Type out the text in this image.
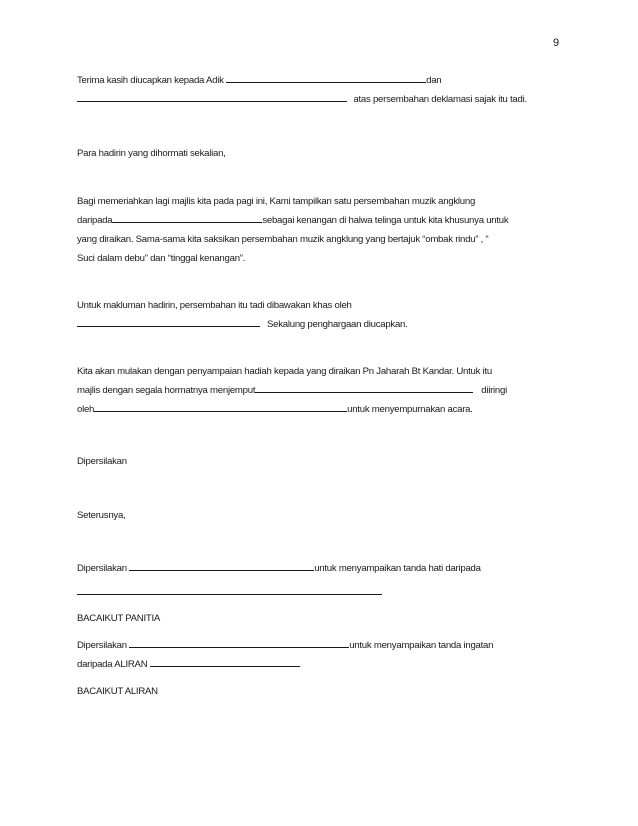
9
Terima kasih diucapkan kepada Adik	dan
atas persembahan deklamasi sajak itu tadi.
Para hadirin yang dihormati sekalian,
Bagi memeriahkan lagi majlis kita pada pagi ini, Kami tampilkan satu persembahan muzik angklung
daripada	sebagai kenangan di halwa telinga untuk kita khusunya untuk
yang diraikan. Sama-sama kita saksikan persembahan muzik angklung yang bertajuk “ombak rindu” , “
Suci dalam debu” dan “tinggal kenangan”.
Untuk makluman hadirin, persembahan itu tadi dibawakan khas oleh
Sekalung penghargaan diucapkan.
Kita akan mulakan dengan penyampaian hadiah kepada yang diraikan Pn Jaharah Bt Kandar. Untuk itu
majlis dengan segala hormatnya menjemput	diiringi
oleh	untuk menyempurnakan acara.
Dipersilakan
Seterusnya,
Dipersilakan	untuk menyampaikan tanda hati daripada
BACAIKUT PANITIA
Dipersilakan	untuk menyampaikan tanda ingatan
daripada ALIRAN
BACAIKUT ALIRAN
